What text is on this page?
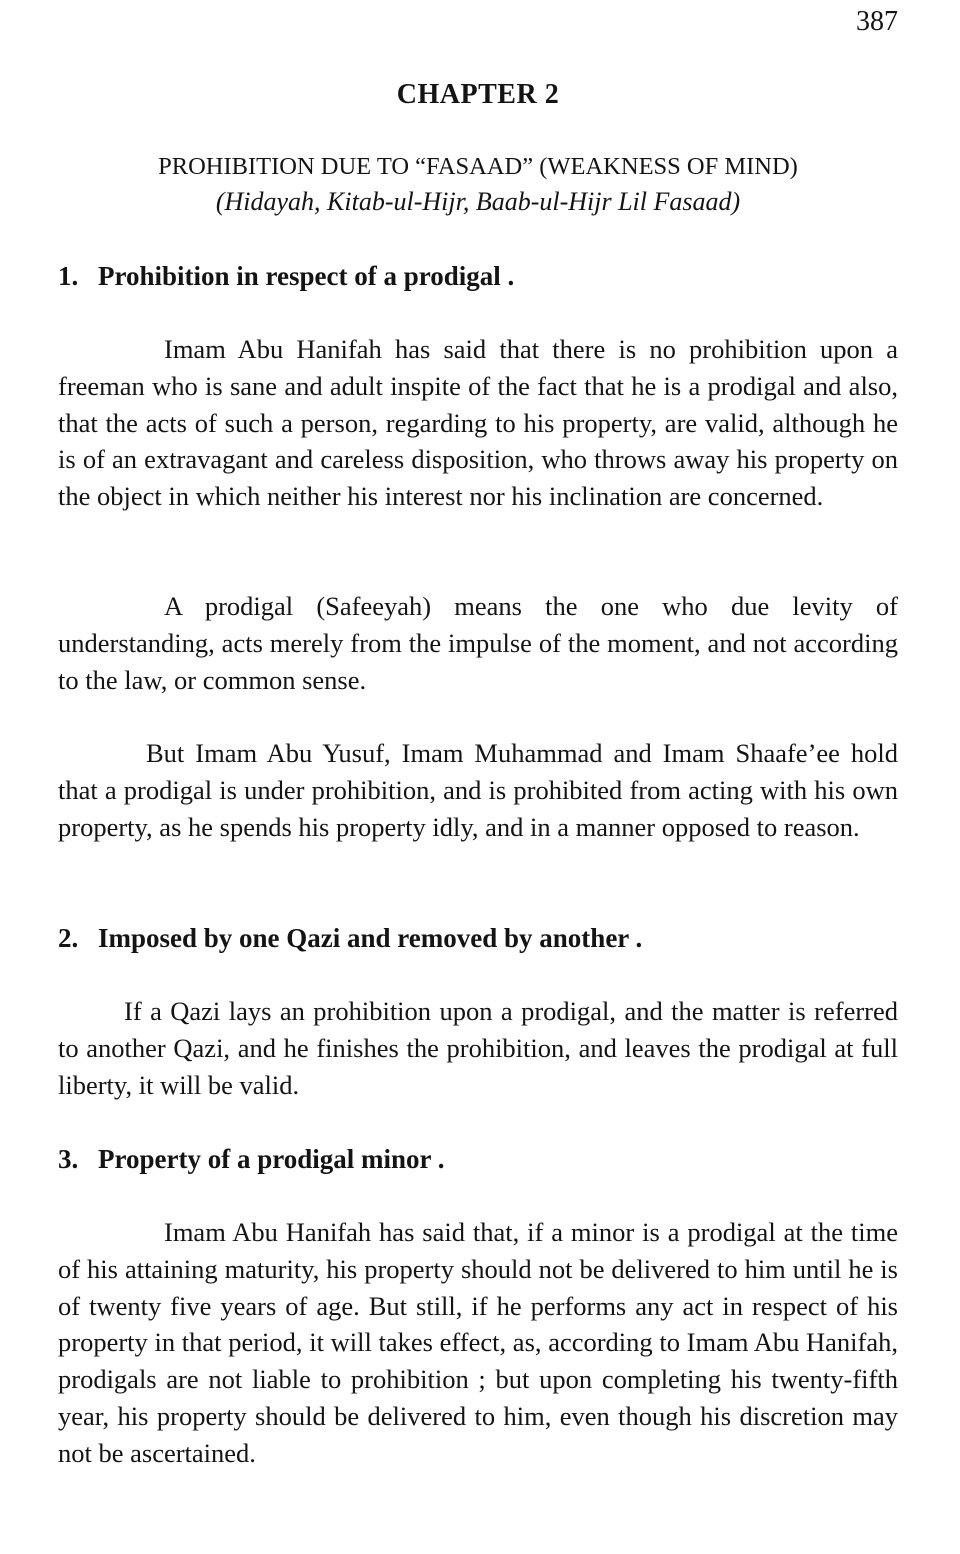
387
CHAPTER 2
PROHIBITION DUE TO “FASAAD” (WEAKNESS OF MIND)
(Hidayah, Kitab-ul-Hijr, Baab-ul-Hijr Lil Fasaad)
1. Prohibition in respect of a prodigal .
Imam Abu Hanifah has said that there is no prohibition upon a freeman who is sane and adult inspite of the fact that he is a prodigal and also, that the acts of such a person, regarding to his property, are valid, although he is of an extravagant and careless disposition, who throws away his property on the object in which neither his interest nor his inclination are concerned.
A prodigal (Safeeyah) means the one who due levity of understanding, acts merely from the impulse of the moment, and not according to the law, or common sense.
But Imam Abu Yusuf, Imam Muhammad and Imam Shaafe’ee hold that a prodigal is under prohibition, and is prohibited from acting with his own property, as he spends his property idly, and in a manner opposed to reason.
2. Imposed by one Qazi and removed by another .
If a Qazi lays an prohibition upon a prodigal, and the matter is referred to another Qazi, and he finishes the prohibition, and leaves the prodigal at full liberty, it will be valid.
3. Property of a prodigal minor .
Imam Abu Hanifah has said that, if a minor is a prodigal at the time of his attaining maturity, his property should not be delivered to him until he is of twenty five years of age. But still, if he performs any act in respect of his property in that period, it will takes effect, as, according to Imam Abu Hanifah, prodigals are not liable to prohibition ; but upon completing his twenty-fifth year, his property should be delivered to him, even though his discretion may not be ascertained.
